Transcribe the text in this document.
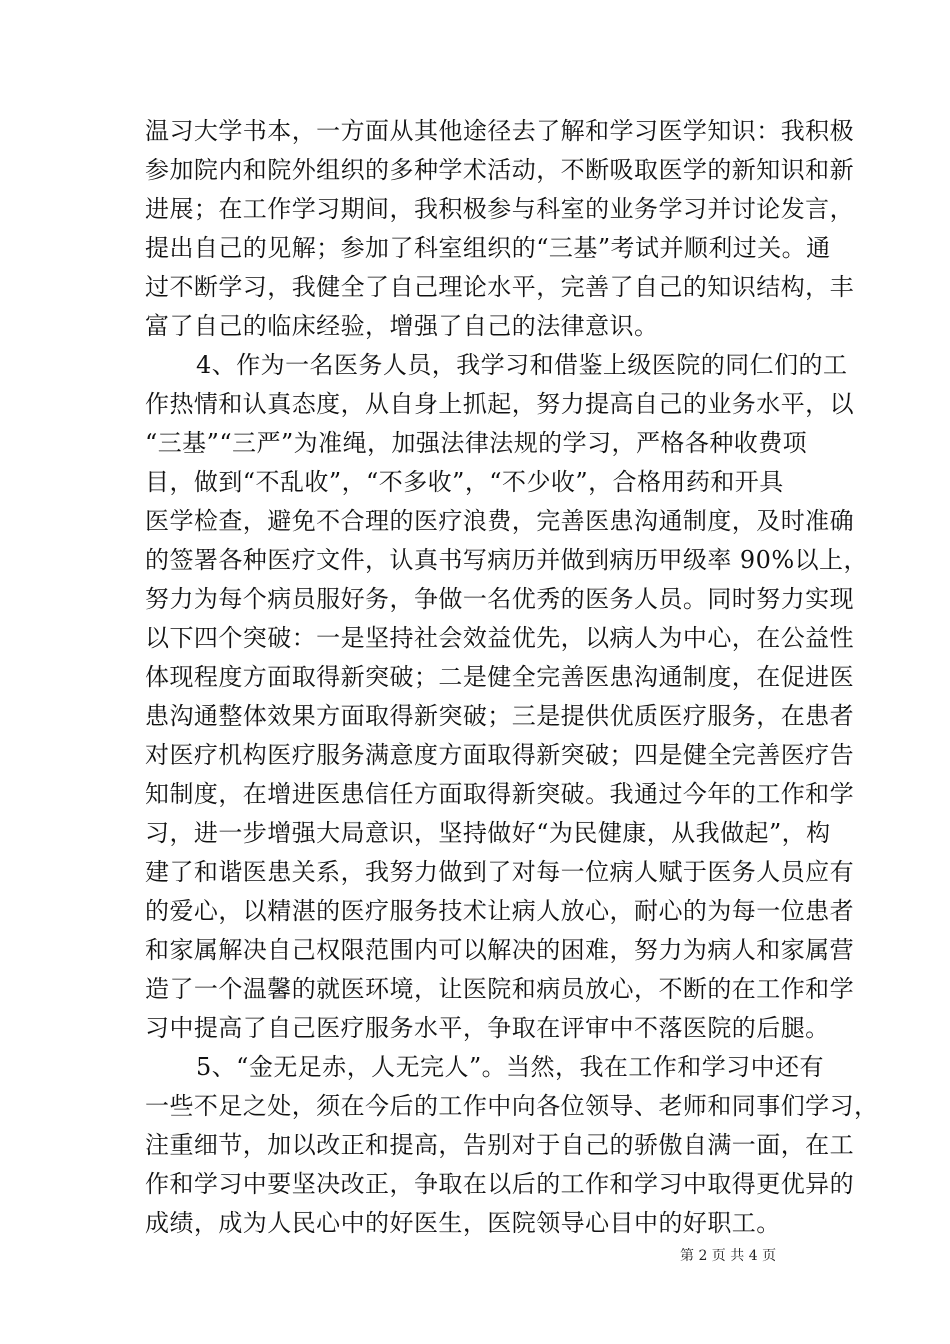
温习大学书本，一方面从其他途径去了解和学习医学知识：我积极
参加院内和院外组织的多种学术活动，不断吸取医学的新知识和新
进展；在工作学习期间，我积极参与科室的业务学习并讨论发言，
提出自己的见解；参加了科室组织的“三基”考试并顺利过关。通
过不断学习，我健全了自己理论水平，完善了自己的知识结构，丰
富了自己的临床经验，增强了自己的法律意识。
4、作为一名医务人员，我学习和借鉴上级医院的同仁们的工
作热情和认真态度，从自身上抓起，努力提高自己的业务水平，以
“三基”“三严”为准绳，加强法律法规的学习，严格各种收费项
目，做到“不乱收”，“不多收”，“不少收”，合格用药和开具
医学检查，避免不合理的医疗浪费，完善医患沟通制度，及时准确
的签署各种医疗文件，认真书写病历并做到病历甲级率 90%以上，
努力为每个病员服好务，争做一名优秀的医务人员。同时努力实现
以下四个突破：一是坚持社会效益优先，以病人为中心，在公益性
体现程度方面取得新突破；二是健全完善医患沟通制度，在促进医
患沟通整体效果方面取得新突破；三是提供优质医疗服务，在患者
对医疗机构医疗服务满意度方面取得新突破；四是健全完善医疗告
知制度，在增进医患信任方面取得新突破。我通过今年的工作和学
习，进一步增强大局意识，坚持做好“为民健康，从我做起”，构
建了和谐医患关系，我努力做到了对每一位病人赋于医务人员应有
的爱心，以精湛的医疗服务技术让病人放心，耐心的为每一位患者
和家属解决自己权限范围内可以解决的困难，努力为病人和家属营
造了一个温馨的就医环境，让医院和病员放心，不断的在工作和学
习中提高了自己医疗服务水平，争取在评审中不落医院的后腿。
5、“金无足赤，人无完人”。当然，我在工作和学习中还有
一些不足之处，须在今后的工作中向各位领导、老师和同事们学习，
注重细节，加以改正和提高，告别对于自己的骄傲自满一面，在工
作和学习中要坚决改正，争取在以后的工作和学习中取得更优异的
成绩，成为人民心中的好医生，医院领导心目中的好职工。
第 2 页 共 4 页
